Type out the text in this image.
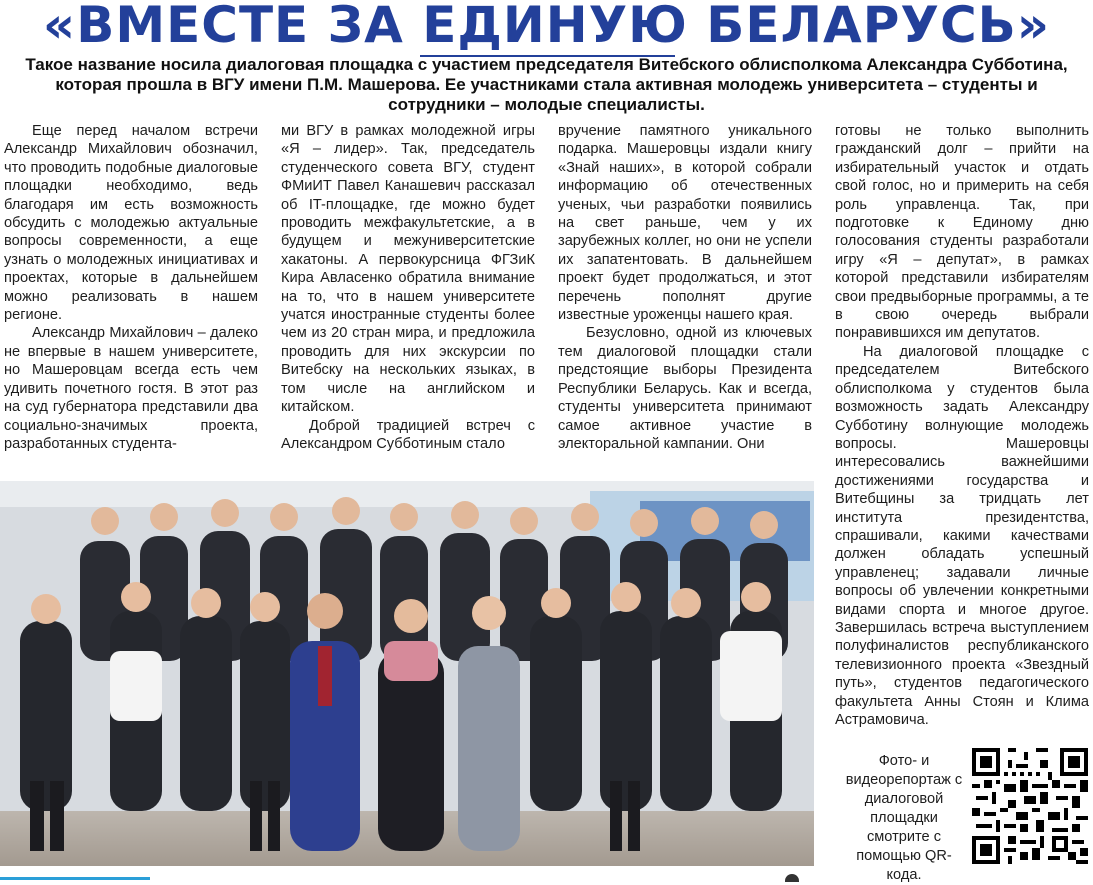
«ВМЕСТЕ ЗА ЕДИНУЮ БЕЛАРУСЬ»
Такое название носила диалоговая площадка с участием председателя Витебского облисполкома Александра Субботина, которая прошла в ВГУ имени П.М. Машерова. Ее участниками стала активная молодежь университета – студенты и сотрудники – молодые специалисты.

Еще перед началом встречи Александр Михайлович обозначил, что проводить подобные диалоговые площадки необходимо, ведь благодаря им есть возможность обсудить с молодежью актуальные вопросы современности, а еще узнать о молодежных инициативах и проектах, которые в дальнейшем можно реализовать в нашем регионе.

Александр Михайлович – далеко не впервые в нашем университете, но Машеровцам всегда есть чем удивить почетного гостя. В этот раз на суд губернатора представили два социально-значимых проекта, разработанных студента-

ми ВГУ в рамках молодежной игры «Я – лидер». Так, председатель студенческого совета ВГУ, студент ФМиИТ Павел Канашевич рассказал об IT-площадке, где можно будет проводить межфакультетские, а в будущем и межуниверситетские хакатоны. А первокурсница ФГЗиК Кира Авласенко обратила внимание на то, что в нашем университете учатся иностранные студенты более чем из 20 стран мира, и предложила проводить для них экскурсии по Витебску на нескольких языках, в том числе на английском и китайском.

Доброй традицией встреч с Александром Субботиным стало

вручение памятного уникального подарка. Машеровцы издали книгу «Знай наших», в которой собрали информацию об отечественных ученых, чьи разработки появились на свет раньше, чем у их зарубежных коллег, но они не успели их запатентовать. В дальнейшем проект будет продолжаться, и этот перечень пополнят другие известные уроженцы нашего края.

Безусловно, одной из ключевых тем диалоговой площадки стали предстоящие выборы Президента Республики Беларусь. Как и всегда, студенты университета принимают самое активное участие в электоральной кампании. Они

готовы не только выполнить гражданский долг – прийти на избирательный участок и отдать свой голос, но и примерить на себя роль управленца. Так, при подготовке к Единому дню голосования студенты разработали игру «Я – депутат», в рамках которой представили избирателям свои предвыборные программы, а те в свою очередь выбрали понравившихся им депутатов.

На диалоговой площадке с председателем Витебского облисполкома у студентов была возможность задать Александру Субботину волнующие молодежь вопросы. Машеровцы интересовались важнейшими достижениями государства и Витебщины за тридцать лет института президентства, спрашивали, какими качествами должен обладать успешный управленец; задавали личные вопросы об увлечении конкретными видами спорта и многое другое. Завершилась встреча выступлением полуфиналистов республиканского телевизионного проекта «Звездный путь», студентов педагогического факультета Анны Стоян и Клима Астрамовича.

Фото- и видеорепортаж с диалоговой площадки смотрите с помощью QR-кода.
